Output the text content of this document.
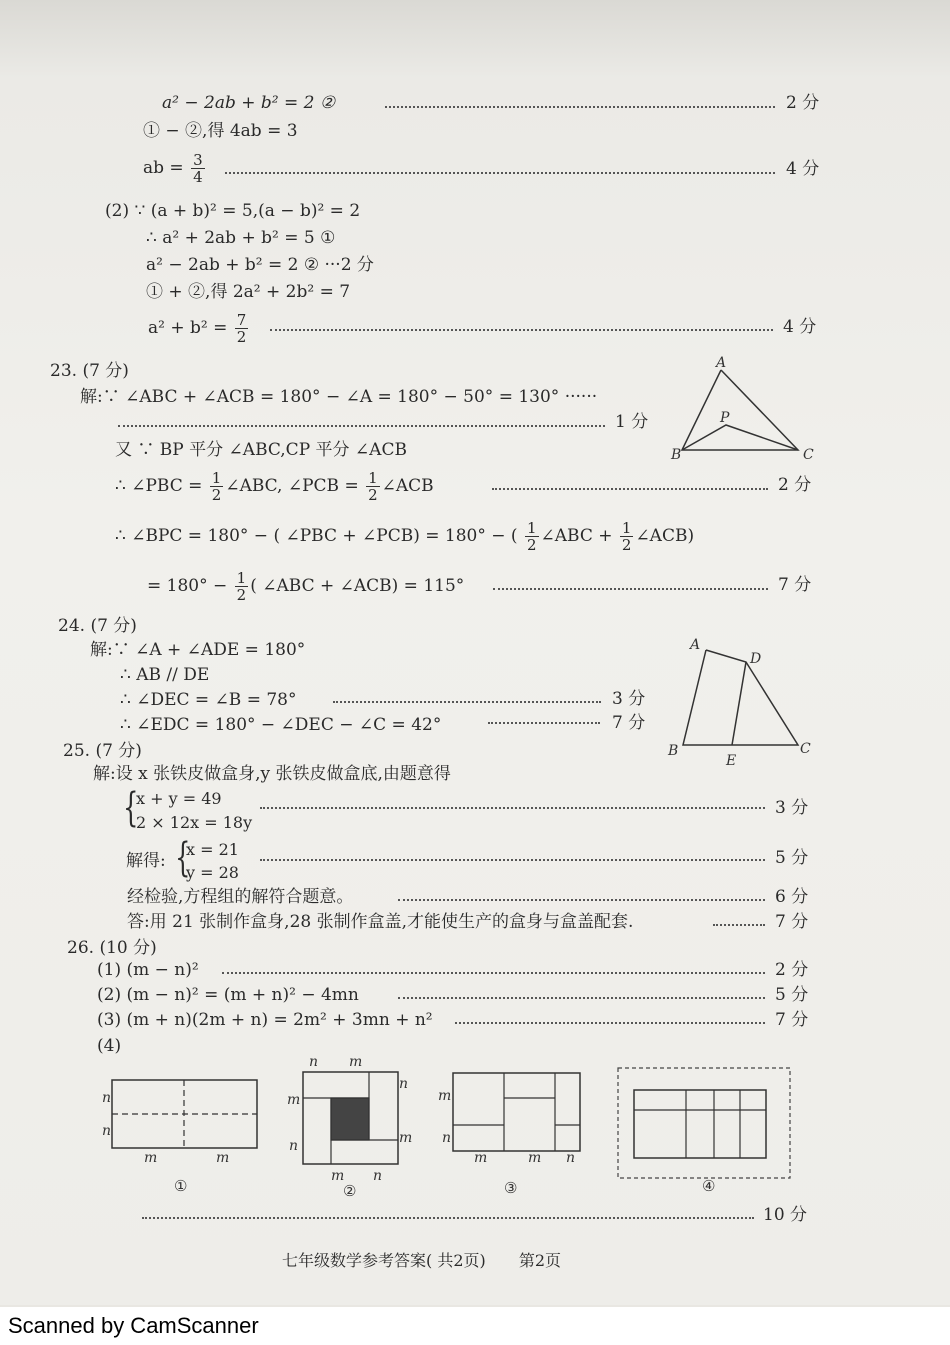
a² − 2ab + b² = 2 ②	2 分
① − ②,得 4ab = 3
ab = $\frac{3}{4}$	4 分
(2) ∵ (a + b)² = 5,(a − b)² = 2
∴ a² + 2ab + b² = 5 ①
a² − 2ab + b² = 2 ② ···2 分
① + ②,得 2a² + 2b² = 7
$a^2 + b^2 = \frac{7}{2}$	4 分
23. (7 分)
解:∵ ∠ABC + ∠ACB = 180° − ∠A = 180° − 50° = 130° ······
1 分
A
P
B	C
又 ∵ BP 平分 ∠ABC,CP 平分 ∠ACB
∴ ∠PBC = $\frac{1}{2}$ ∠ABC, ∠PCB = $\frac{1}{2}$ ∠ACB	2 分
∴ ∠BPC = 180° − ( ∠PBC + ∠PCB) = 180° − ( $\frac{1}{2}$ ∠ABC + $\frac{1}{2}$ ∠ACB)
= $180^\circ - \frac{1}{2}$ ( ∠ABC + ∠ACB) = 115°	7 分
24. (7 分)
解:∵ ∠A + ∠ADE = 180°
∴ AB // DE
∴ ∠DEC = ∠B = 78°	3 分
∴ ∠EDC = 180° − ∠DEC − ∠C = 42°	7 分
A
D
B
E
C
25. (7 分)
解:设 x 张铁皮做盒身,y 张铁皮做盒底,由题意得
{
x + y = 49
2 × 12x = 18y
3 分
解得: {
x = 21
y = 28
5 分
经检验,方程组的解符合题意。	6 分
答:用 21 张制作盒身,28 张制作盒盖,才能使生产的盒身与盒盖配套.	7 分
26. (10 分)
(1) (m − n)²	2 分
(2) (m − n)² = (m + n)² − 4mn	5 分
(3) (m + n)(2m + n) = 2m² + 3mn + n²	7 分
(4)
n
n
m	m
①
n m
n
m
m
n
m n
②
m
n
m	m n
③	④
10 分
七年级数学参考答案( 共2页) 第2页
Scanned by CamScanner
